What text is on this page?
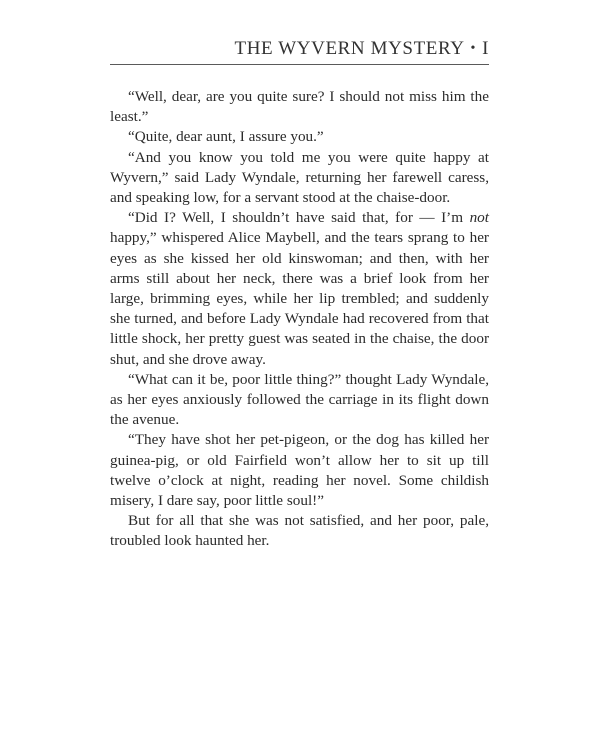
THE WYVERN MYSTERY • I

“Well, dear, are you quite sure? I should not miss him the least.”

“Quite, dear aunt, I assure you.”

“And you know you told me you were quite happy at Wyvern,” said Lady Wyndale, returning her farewell caress, and speaking low, for a servant stood at the chaise-door.

“Did I? Well, I shouldn’t have said that, for — I’m not happy,” whispered Alice Maybell, and the tears sprang to her eyes as she kissed her old kinswoman; and then, with her arms still about her neck, there was a brief look from her large, brimming eyes, while her lip trembled; and suddenly she turned, and before Lady Wyndale had recovered from that little shock, her pretty guest was seated in the chaise, the door shut, and she drove away.

“What can it be, poor little thing?” thought Lady Wyndale, as her eyes anxiously followed the carriage in its flight down the avenue.

“They have shot her pet-pigeon, or the dog has killed her guinea-pig, or old Fairfield won’t allow her to sit up till twelve o’clock at night, reading her novel. Some childish misery, I dare say, poor little soul!”

But for all that she was not satisfied, and her poor, pale, troubled look haunted her.
